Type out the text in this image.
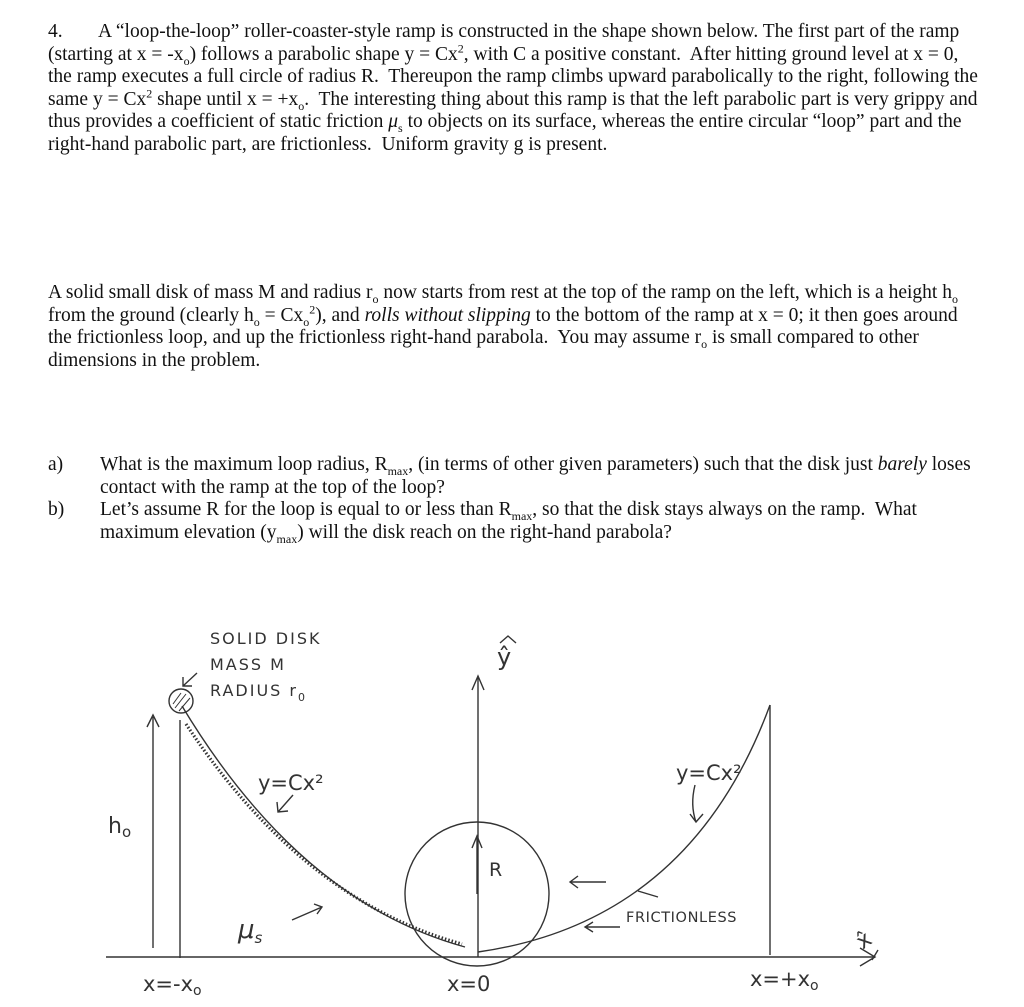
4. A “loop-the-loop” roller-coaster-style ramp is constructed in the shape shown below. The first part of the ramp (starting at $x = -x_o$) follows a parabolic shape $y = Cx^2$, with C a positive constant.  After hitting ground level at x = 0, the ramp executes a full circle of radius R.  Thereupon the ramp climbs upward parabolically to the right, following the same $y = Cx^2$ shape until $x = +x_o$.  The interesting thing about this ramp is that the left parabolic part is very grippy and thus provides a coefficient of static friction $\mu_s$ to objects on its surface, whereas the entire circular “loop” part and the right-hand parabolic part, are frictionless.  Uniform gravity g is present.
A solid small disk of mass M and radius $r_o$ now starts from rest at the top of the ramp on the left, which is a height $h_o$ from the ground (clearly $h_o = Cx_o^2$), and rolls without slipping to the bottom of the ramp at x = 0; it then goes around the frictionless loop, and up the frictionless right-hand parabola.  You may assume $r_o$ is small compared to other dimensions in the problem.
a) What is the maximum loop radius, $R_{max}$, (in terms of other given parameters) such that the disk just barely loses contact with the ramp at the top of the loop?
b) Let’s assume R for the loop is equal to or less than $R_{max}$, so that the disk stays always on the ramp.  What maximum elevation $(y_{max})$ will the disk reach on the right-hand parabola?
SOLID DISK
MASS M
RADIUS $r_0$
ho
y=Cx²	y=Cx²
R
μs
FRICTIONLESS
ŷ
x̂
x=-xo	x=0	x=+xo
